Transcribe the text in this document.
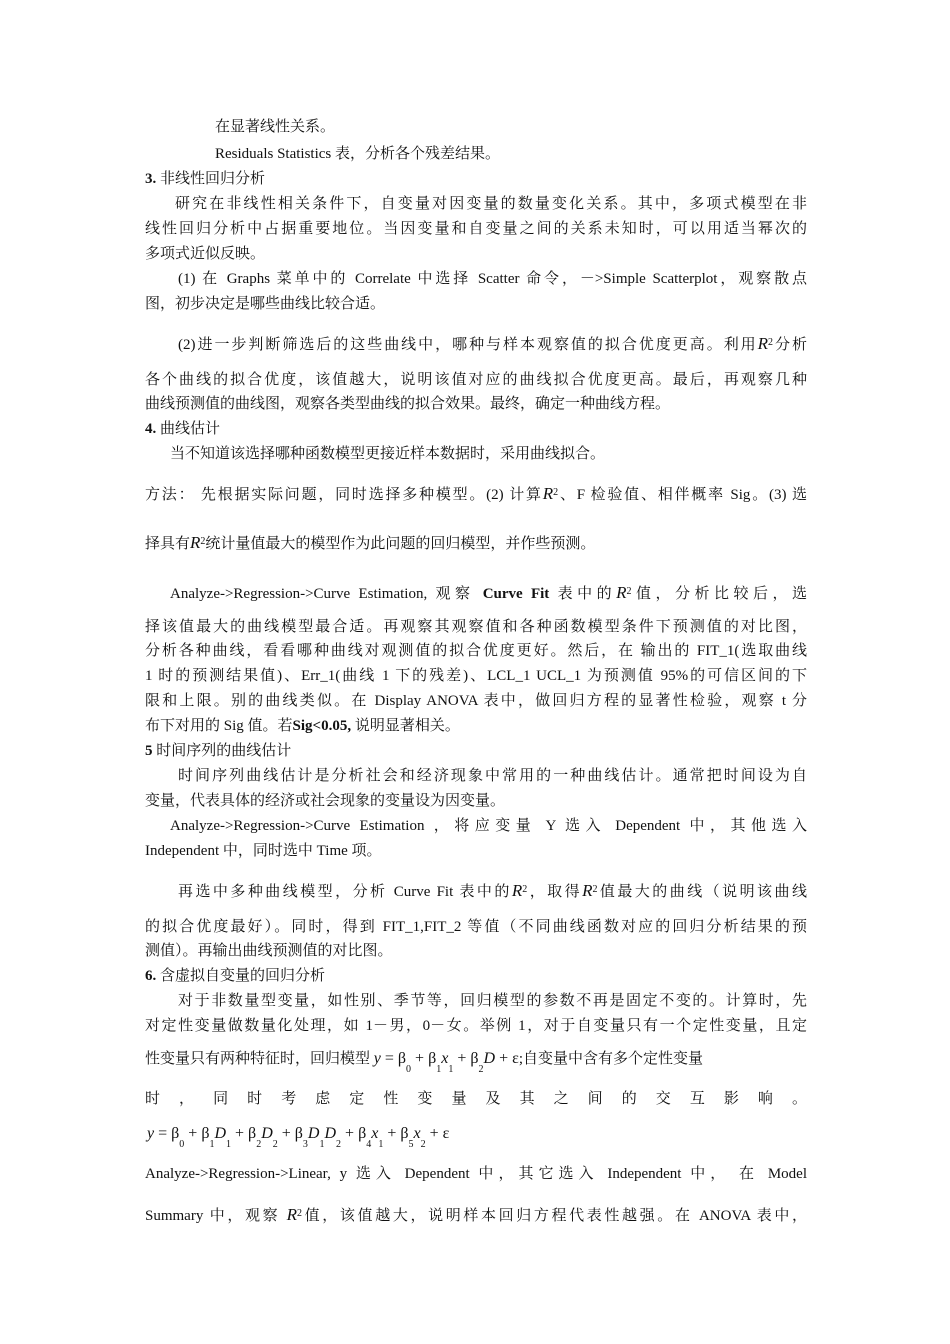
在显著线性关系。
Residuals Statistics 表，分析各个残差结果。
3. 非线性回归分析
研究在非线性相关条件下，自变量对因变量的数量变化关系。其中，多项式模型在非
线性回归分析中占据重要地位。当因变量和自变量之间的关系未知时，可以用适当幂次的
多项式近似反映。
(1) 在 Graphs 菜单中的 Correlate 中选择 Scatter 命令，－>Simple Scatterplot，观察散点
图，初步决定是哪些曲线比较合适。
(2)进一步判断筛选后的这些曲线中，哪种与样本观察值的拟合优度更高。利用$R^2$分析
各个曲线的拟合优度，该值越大，说明该值对应的曲线拟合优度更高。最后，再观察几种
曲线预测值的曲线图，观察各类型曲线的拟合效果。最终，确定一种曲线方程。
4. 曲线估计
当不知道该选择哪种函数模型更接近样本数据时，采用曲线拟合。
方法： 先根据实际问题，同时选择多种模型。(2) 计算$R^2$、F 检验值、相伴概率 Sig。(3) 选
择具有$R^2$统计量值最大的模型作为此问题的回归模型，并作些预测。
Analyze->Regression->Curve Estimation, 观察 Curve Fit 表中的$R^2$值，分析比较后，选
择该值最大的曲线模型最合适。再观察其观察值和各种函数模型条件下预测值的对比图，
分析各种曲线，看看哪种曲线对观测值的拟合优度更好。然后，在 输出的 FIT_1(选取曲线
1 时的预测结果值)、Err_1(曲线 1 下的残差)、LCL_1 UCL_1 为预测值 95%的可信区间的下
限和上限。别的曲线类似。在 Display ANOVA 表中，做回归方程的显著性检验，观察 t 分
布下对用的 Sig 值。若Sig<0.05, 说明显著相关。
5 时间序列的曲线估计
时间序列曲线估计是分析社会和经济现象中常用的一种曲线估计。通常把时间设为自
变量，代表具体的经济或社会现象的变量设为因变量。
Analyze->Regression->Curve Estimation ，将应变量 Y 选入 Dependent 中，其他选入
Independent 中，同时选中 Time 项。
再选中多种曲线模型，分析 Curve Fit 表中的$R^2$，取得$R^2$值最大的曲线（说明该曲线
的拟合优度最好）。同时，得到 FIT_1,FIT_2 等值（不同曲线函数对应的回归分析结果的预
测值）。再输出曲线预测值的对比图。
6. 含虚拟自变量的回归分析
对于非数量型变量，如性别、季节等，回归模型的参数不再是固定不变的。计算时，先
对定性变量做数量化处理，如 1－男，0－女。举例 1，对于自变量只有一个定性变量，且定
性变量只有两种特征时，回归模型 $y = \beta_0 + \beta_1x_1 + \beta_2D + \varepsilon$;自变量中含有多个定性变量
时 ， 同 时 考 虑 定 性 变 量 及 其 之 间 的 交 互 影 响 。
$y = \beta_0 + \beta_1D_1 + \beta_2D_2 + \beta_3D_1D_2 + \beta_4x_1 + \beta_5x_2 + \varepsilon$
Analyze->Regression->Linear, y 选入 Dependent 中，其它选入 Independent 中， 在 Model
Summary 中，观察 $R^2$值，该值越大，说明样本回归方程代表性越强。在 ANOVA 表中，
